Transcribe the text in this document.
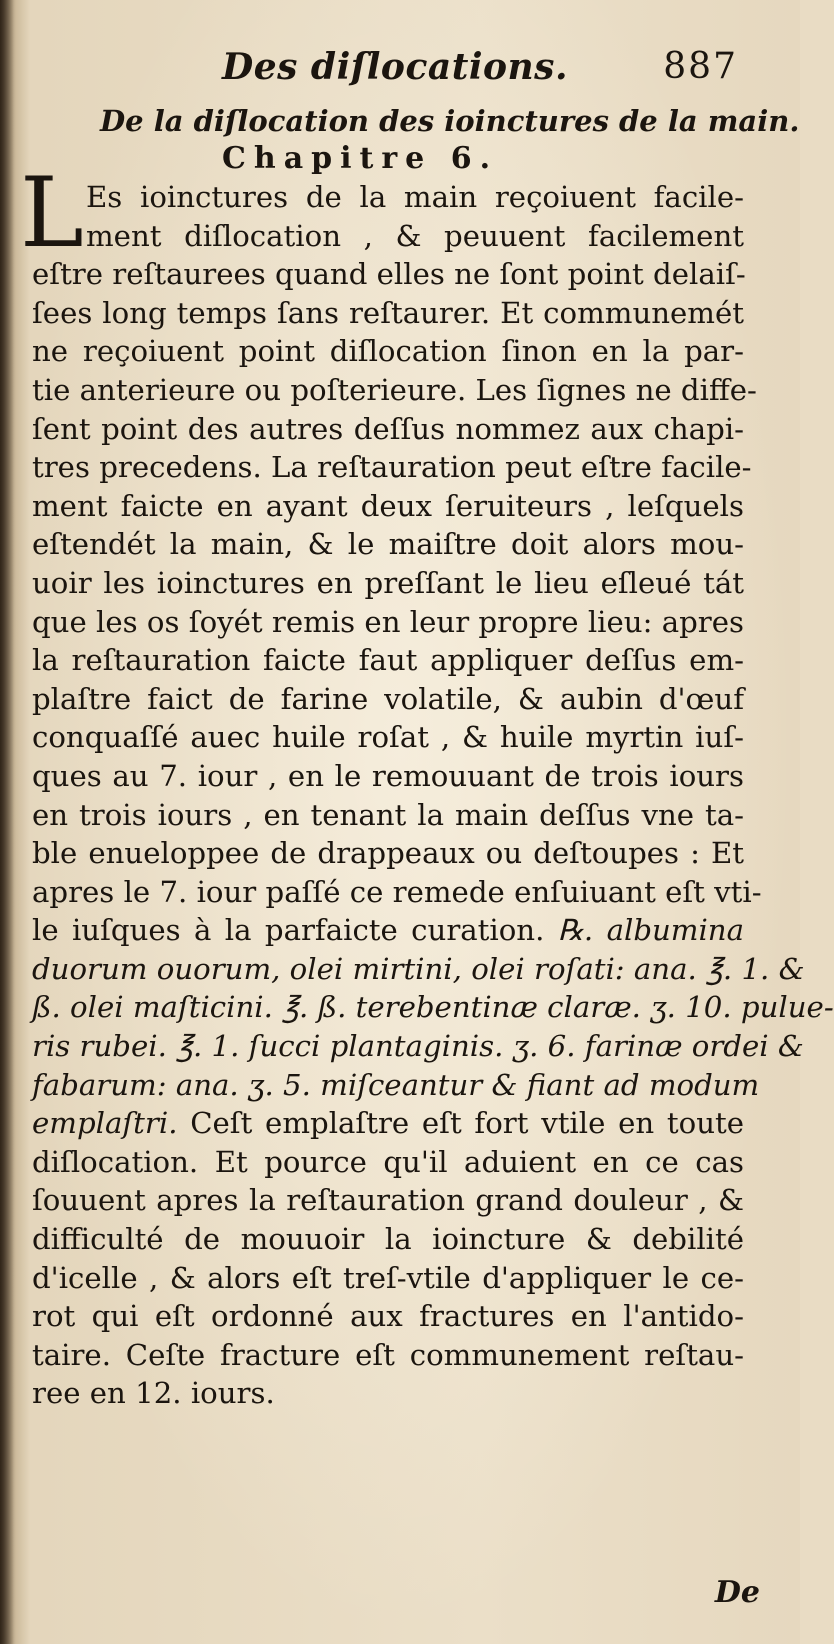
Des diſlocations.	887
De la diſlocation des ioinctures de la main.
Chapitre 6.
L Es ioinctures de la main reçoiuent facile-
ment diſlocation , & peuuent facilement
eſtre reſtaurees quand elles ne ſont point delaiſ-
ſees long temps ſans reſtaurer. Et communemét
ne reçoiuent point diſlocation ſinon en la par-
tie anterieure ou poſterieure. Les ſignes ne diffe-
ſent point des autres deſſus nommez aux chapi-
tres precedens. La reſtauration peut eſtre facile-
ment faicte en ayant deux ſeruiteurs , leſquels
eſtendét la main, & le maiſtre doit alors mou-
uoir les ioinctures en preſſant le lieu eſleué tát
que les os ſoyét remis en leur propre lieu: apres
la reſtauration faicte faut appliquer deſſus em-
plaſtre faict de farine volatile, & aubin d'œuf
conquaſſé auec huile roſat , & huile myrtin iuſ-
ques au 7. iour , en le remouuant de trois iours
en trois iours , en tenant la main deſſus vne ta-
ble enueloppee de drappeaux ou deſtoupes : Et
apres le 7. iour paſſé ce remede enſuiuant eſt vti-
le iuſques à la parfaicte curation. ℞. albumina
duorum ouorum, olei mirtini, olei roſati: ana. ℥. 1. &
ß. olei maſticini. ℥. ß. terebentinæ claræ. ʒ. 10. pulue-
ris rubei. ℥. 1. ſucci plantaginis. ʒ. 6. farinæ ordei &
fabarum: ana. ʒ. 5. miſceantur & fiant ad modum
emplaſtri. Ceſt emplaſtre eſt fort vtile en toute
diſlocation. Et pource qu'il aduient en ce cas
ſouuent apres la reſtauration grand douleur , &
difficulté de mouuoir la ioincture & debilité
d'icelle , & alors eſt treſ-vtile d'appliquer le ce-
rot qui eſt ordonné aux fractures en l'antido-
taire. Ceſte fracture eſt communement reſtau-
ree en 12. iours.
De
